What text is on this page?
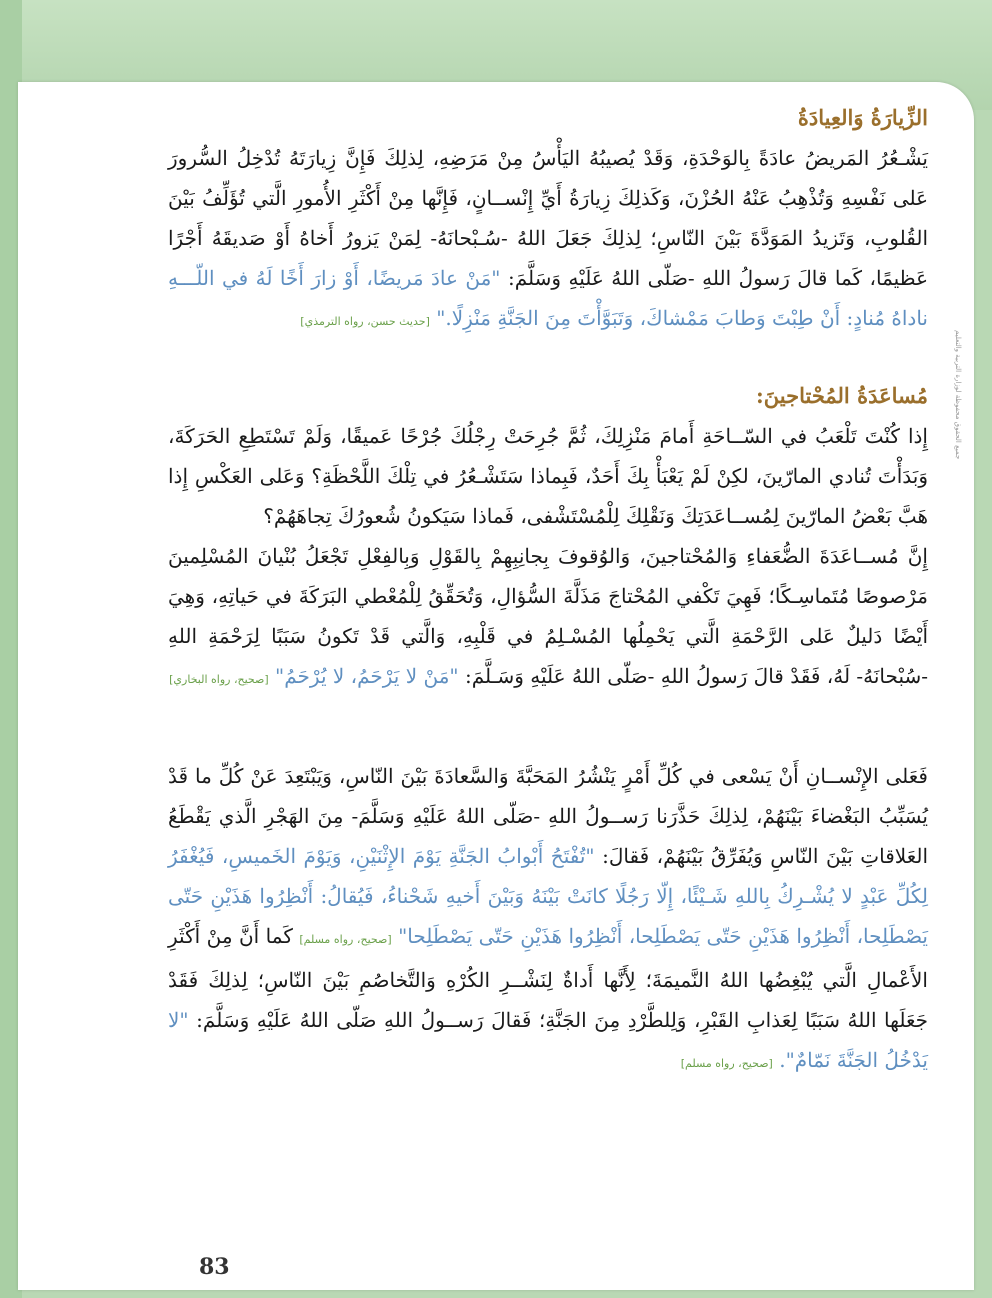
الزِّيارَةُ وَالعِيادَةُ

يَشْـعُرُ المَريضُ عادَةً بِالوَحْدَةِ، وَقَدْ يُصيبُهُ اليَأْسُ مِنْ مَرَضِهِ، لِذلِكَ فَإِنَّ زِيارَتَهُ تُدْخِلُ السُّرورَ عَلى نَفْسِهِ وَتُذْهِبُ عَنْهُ الحُزْنَ، وَكَذلِكَ زِيارَةُ أَيِّ إِنْســانٍ، فَإِنَّها مِنْ أَكْثَرِ الأُمورِ الَّتي تُؤَلِّفُ بَيْنَ القُلوبِ، وَتَزيدُ المَوَدَّةَ بَيْنَ النّاسِ؛ لِذلِكَ جَعَلَ اللهُ -سُـبْحانَهُ- لِمَنْ يَزورُ أَخاهُ أَوْ صَديقَهُ أَجْرًا عَظيمًا، كَما قالَ رَسولُ اللهِ -صَلّى اللهُ عَلَيْهِ وَسَلَّمَ: "مَنْ عادَ مَريضًا، أَوْ زارَ أَخًا لَهُ في اللّـــهِ ناداهُ مُنادٍ: أَنْ طِبْتَ وَطابَ مَمْشاكَ، وَتَبَوَّأْتَ مِنَ الجَنَّةِ مَنْزِلًا." [حديث حسن، رواه الترمذي]

مُساعَدَةُ المُحْتاجينَ:

إِذا كُنْتَ تَلْعَبُ في السّــاحَةِ أَمامَ مَنْزِلِكَ، ثُمَّ جُرِحَتْ رِجْلُكَ جُرْحًا عَميقًا، وَلَمْ تَسْتَطِعِ الحَرَكَةَ، وَبَدَأْتَ تُنادي المارّينَ، لكِنْ لَمْ يَعْبَأْ بِكَ أَحَدٌ، فَبِماذا سَتَشْـعُرُ في تِلْكَ اللَّحْظَةِ؟ وَعَلى العَكْسِ إِذا هَبَّ بَعْضُ المارّينَ لِمُســاعَدَتِكَ وَنَقْلِكَ لِلْمُسْتَشْفى، فَماذا سَيَكونُ شُعورُكَ تِجاهَهُمْ؟

إِنَّ مُســاعَدَةَ الضُّعَفاءِ وَالمُحْتاجينَ، وَالوُقوفَ بِجانِبِهِمْ بِالقَوْلِ وَبِالفِعْلِ تَجْعَلُ بُنْيانَ المُسْلِمينَ مَرْصوصًا مُتَماسِـكًا؛ فَهِيَ تَكْفي المُحْتاجَ مَذَلَّةَ السُّؤالِ، وَتُحَقِّقُ لِلْمُعْطي البَرَكَةَ في حَياتِهِ، وَهِيَ أَيْضًا دَليلٌ عَلى الرَّحْمَةِ الَّتي يَحْمِلُها المُسْـلِمُ في قَلْبِهِ، وَالَّتي قَدْ تَكونُ سَبَبًا لِرَحْمَةِ اللهِ -سُبْحانَهُ- لَهُ، فَقَدْ قالَ رَسولُ اللهِ -صَلّى اللهُ عَلَيْهِ وَسَـلَّمَ: "مَنْ لا يَرْحَمُ، لا يُرْحَمُ" [صحيح، رواه البخاري]

فَعَلى الإِنْســانِ أَنْ يَسْعى في كُلِّ أَمْرٍ يَنْشُرُ المَحَبَّةَ وَالسَّعادَةَ بَيْنَ النّاسِ، وَيَبْتَعِدَ عَنْ كُلِّ ما قَدْ يُسَبِّبُ البَغْضاءَ بَيْنَهُمْ، لِذلِكَ حَذَّرَنا رَســولُ اللهِ -صَلّى اللهُ عَلَيْهِ وَسَلَّمَ- مِنَ الهَجْرِ الَّذي يَقْطَعُ العَلاقاتِ بَيْنَ النّاسِ وَيُفَرِّقُ بَيْنَهُمْ، فَقالَ: "تُفْتَحُ أَبْوابُ الجَنَّةِ يَوْمَ الإِثْنَيْنِ، وَيَوْمَ الخَميسِ، فَيُغْفَرُ لِكُلِّ عَبْدٍ لا يُشْـرِكُ بِاللهِ شَـيْئًا، إِلّا رَجُلًا كانَتْ بَيْنَهُ وَبَيْنَ أَخيهِ شَحْناءُ، فَيُقالُ: أَنْظِرُوا هَذَيْنِ حَتّى يَصْطَلِحا، أَنْظِرُوا هَذَيْنِ حَتّى يَصْطَلِحا، أَنْظِرُوا هَذَيْنِ حَتّى يَصْطَلِحا" [صحيح، رواه مسلم] كَما أَنَّ مِنْ أَكْثَرِ الأَعْمالِ الَّتي يُبْغِضُها اللهُ النَّميمَةَ؛ لِأَنَّها أَداةٌ لِنَشْــرِ الكُرْهِ وَالتَّخاصُمِ بَيْنَ النّاسِ؛ لِذلِكَ فَقَدْ جَعَلَها اللهُ سَبَبًا لِعَذابِ القَبْرِ، وَلِلطَّرْدِ مِنَ الجَنَّةِ؛ فَقالَ رَســولُ اللهِ صَلّى اللهُ عَلَيْهِ وَسَلَّمَ: "لا يَدْخُلُ الجَنَّةَ نَمّامٌ". [صحيح، رواه مسلم]

جميع الحقوق محفوظة لوزارة التربية والتعليم
83
